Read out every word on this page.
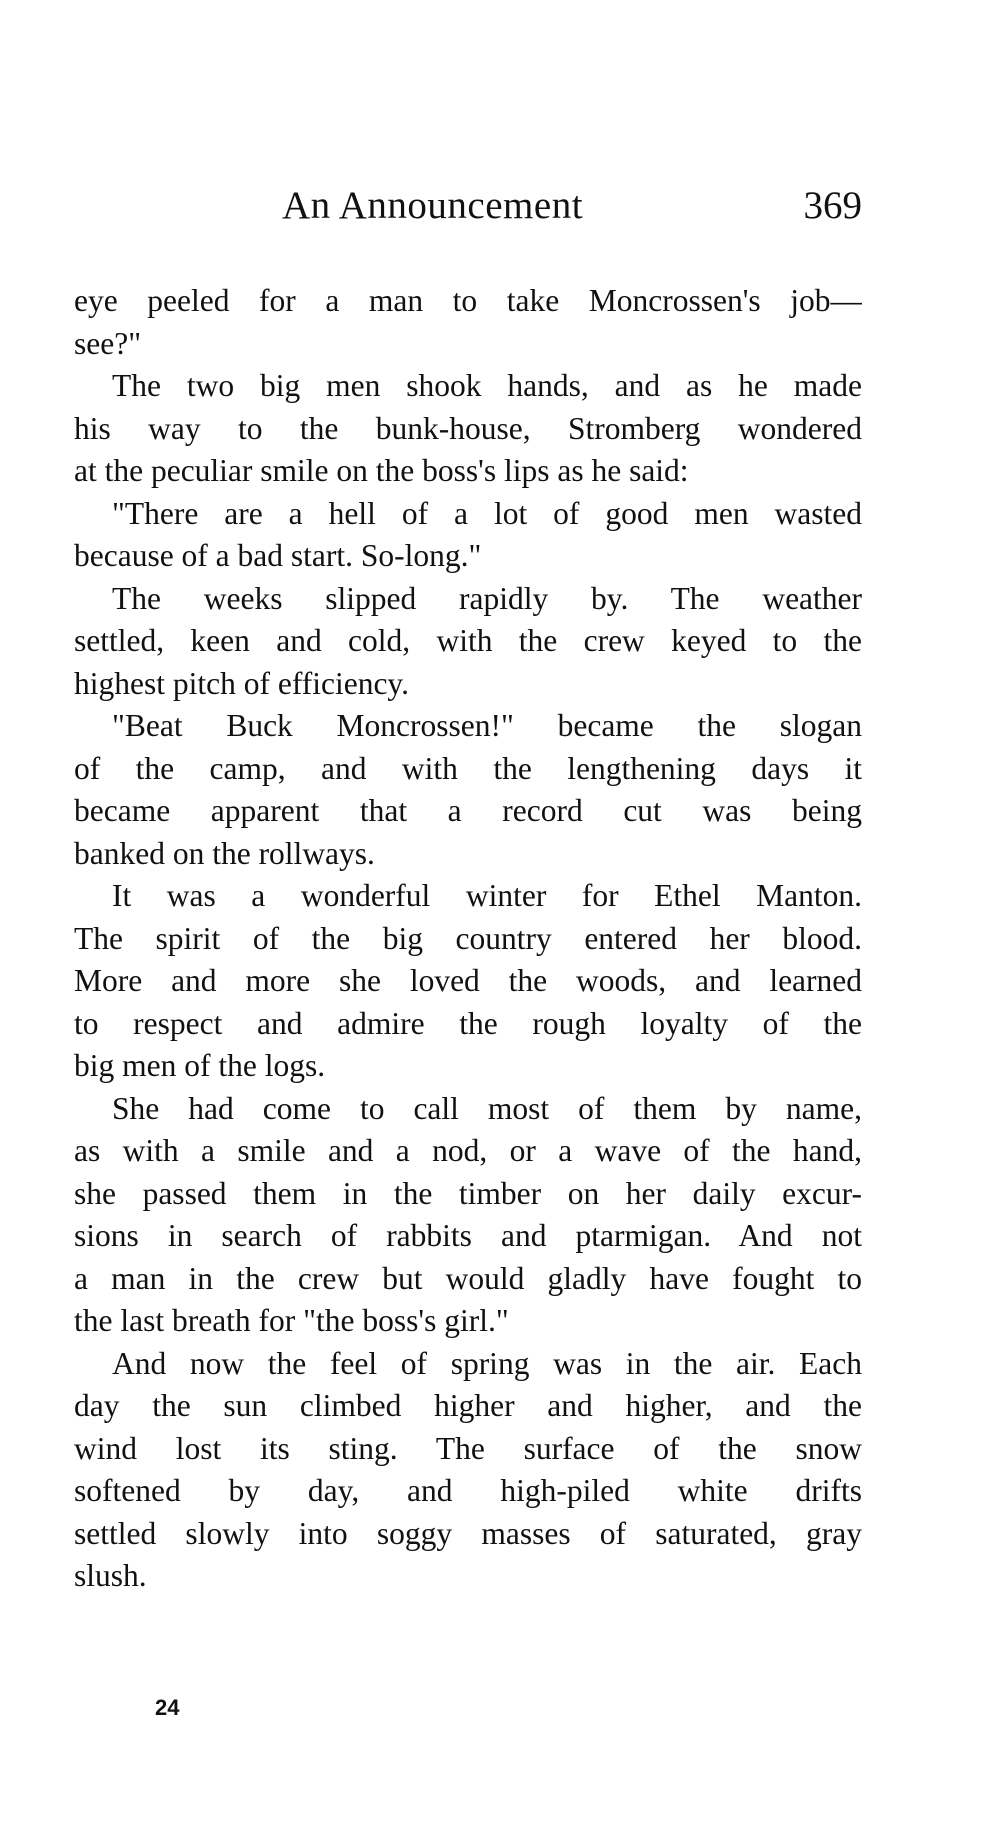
An Announcement	369
eye peeled for a man to take Moncrossen's job—
see?"
The two big men shook hands, and as he made
his way to the bunk-house, Stromberg wondered
at the peculiar smile on the boss's lips as he said:
"There are a hell of a lot of good men wasted
because of a bad start. So-long."
The weeks slipped rapidly by. The weather
settled, keen and cold, with the crew keyed to the
highest pitch of efficiency.
"Beat Buck Moncrossen!" became the slogan
of the camp, and with the lengthening days it
became apparent that a record cut was being
banked on the rollways.
It was a wonderful winter for Ethel Manton.
The spirit of the big country entered her blood.
More and more she loved the woods, and learned
to respect and admire the rough loyalty of the
big men of the logs.
She had come to call most of them by name,
as with a smile and a nod, or a wave of the hand,
she passed them in the timber on her daily excur-
sions in search of rabbits and ptarmigan. And not
a man in the crew but would gladly have fought to
the last breath for "the boss's girl."
And now the feel of spring was in the air. Each
day the sun climbed higher and higher, and the
wind lost its sting. The surface of the snow
softened by day, and high-piled white drifts
settled slowly into soggy masses of saturated, gray
slush.
24
